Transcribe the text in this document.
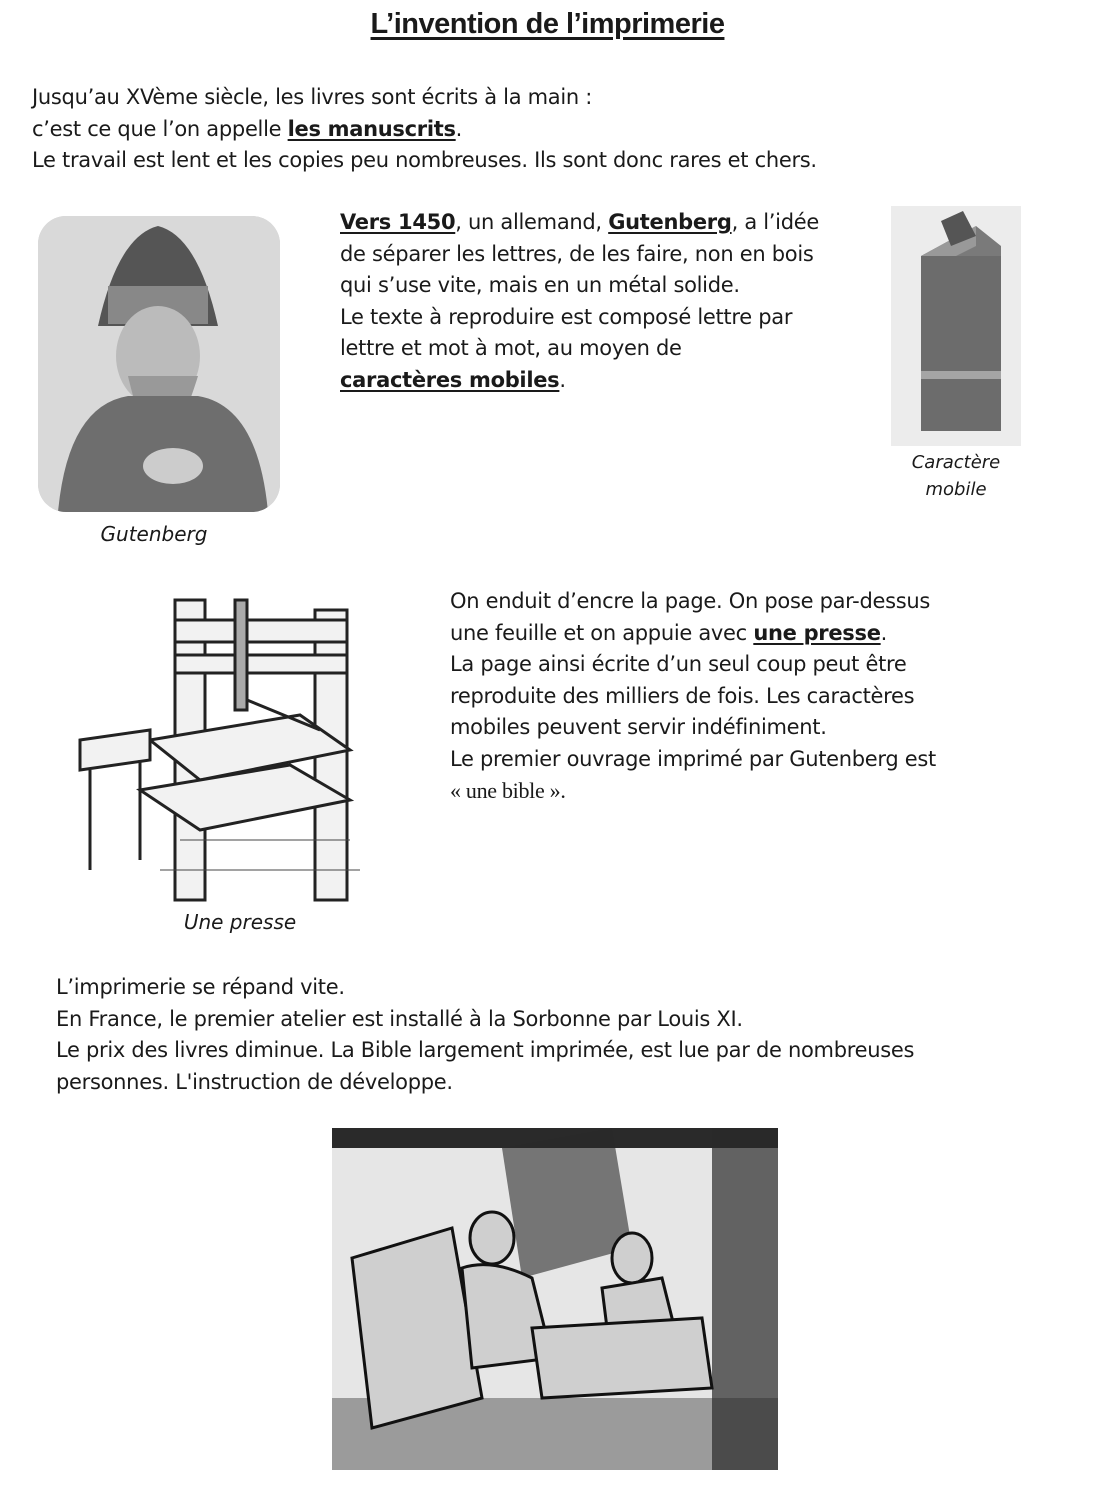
L’invention de l’imprimerie

Jusqu’au XVème siècle, les livres sont écrits à la main :

c’est ce que l’on appelle les manuscrits.

Le travail est lent et les copies peu nombreuses. Ils sont donc rares et chers.

Gutenberg

Vers 1450, un allemand, Gutenberg, a l’idée

de séparer les lettres, de les faire, non en bois

qui s’use vite, mais en un métal solide.

Le texte à reproduire est composé lettre par

lettre et mot à mot, au moyen de

caractères mobiles.

Caractère
mobile
Une presse

On enduit d’encre la page. On pose par-dessus

une feuille et on appuie avec une presse.

La page ainsi écrite d’un seul coup peut être

reproduite des milliers de fois. Les caractères

mobiles peuvent servir indéfiniment.

Le premier ouvrage imprimé par Gutenberg est

« une bible ».

L’imprimerie se répand vite.

En France, le premier atelier est installé à la Sorbonne par Louis XI.

Le prix des livres diminue. La Bible largement imprimée, est lue par de nombreuses

personnes. L'instruction de développe.
